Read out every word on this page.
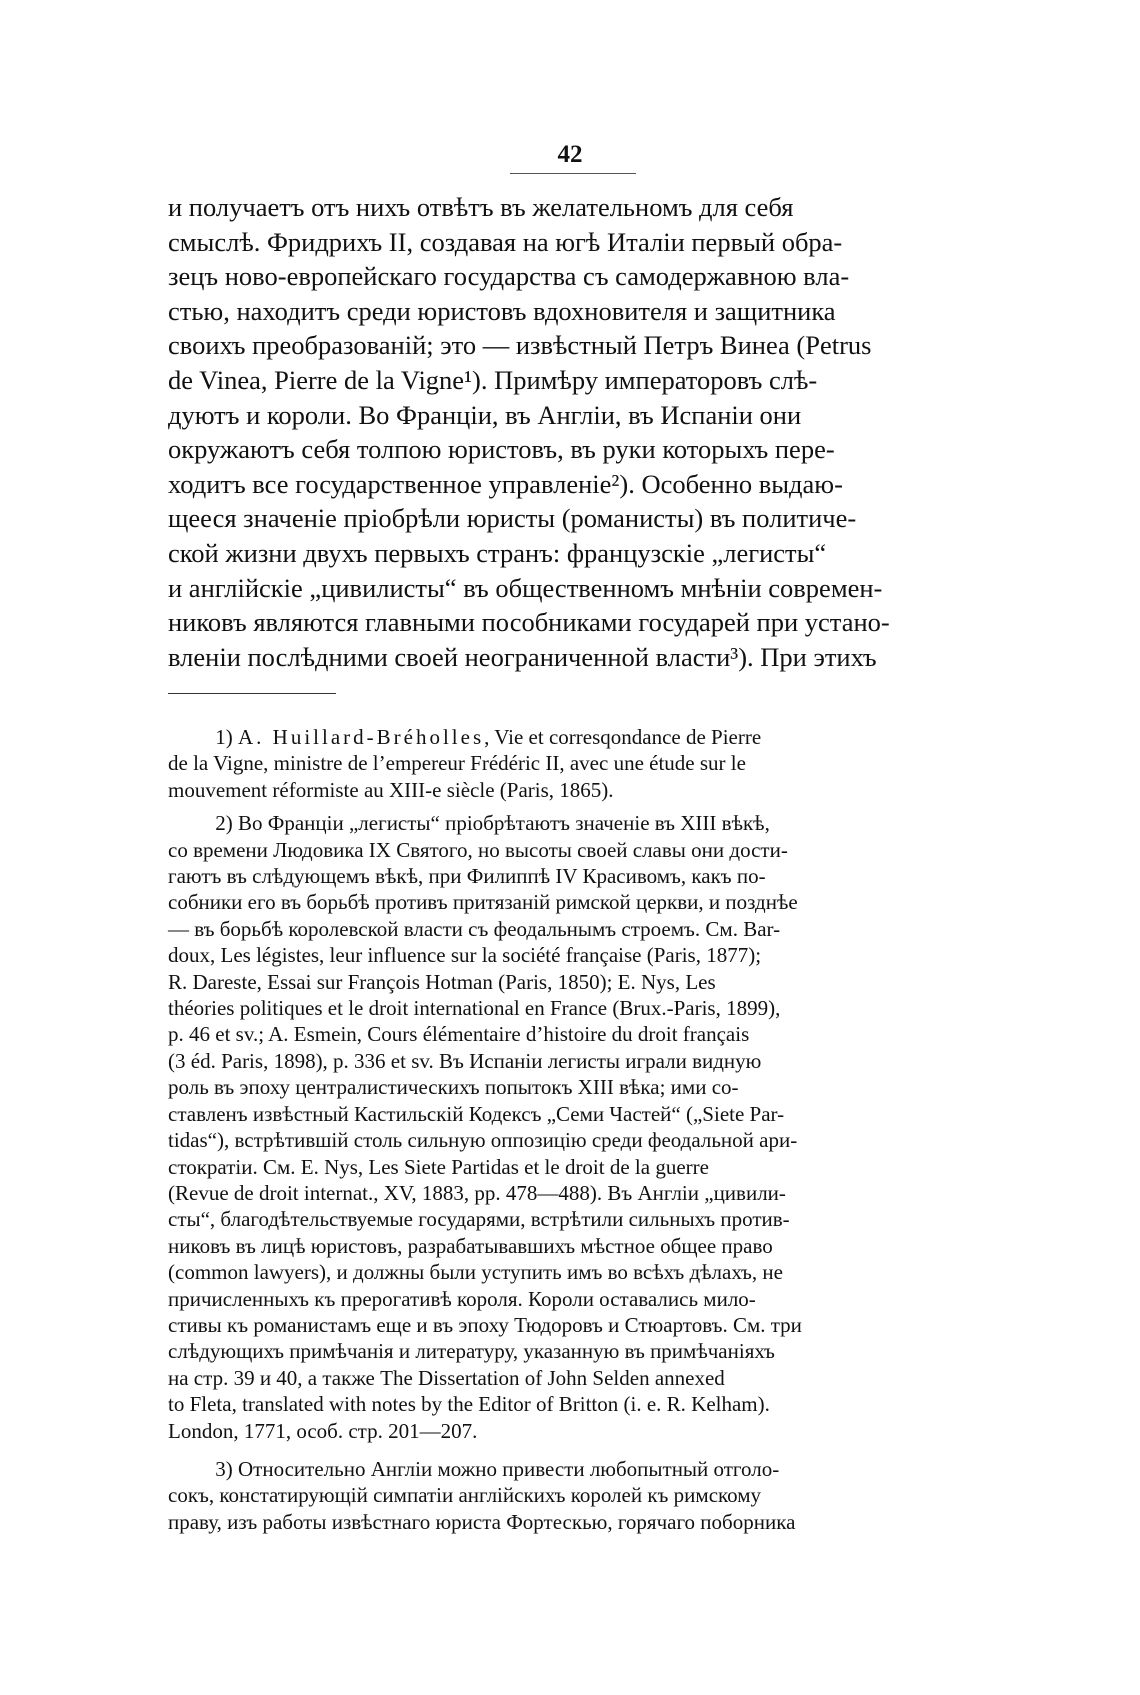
42
и получаетъ отъ нихъ отвѣтъ въ желательномъ для себя
смыслѣ. Фридрихъ II, создавая на югѣ Италіи первый обра-
зецъ ново-европейскаго государства съ самодержавною вла-
стью, находитъ среди юристовъ вдохновителя и защитника
своихъ преобразованій; это — извѣстный Петръ Винеа (Petrus
de Vinea, Pierre de la Vigne¹). Примѣру императоровъ слѣ-
дуютъ и короли. Во Франціи, въ Англіи, въ Испаніи они
окружаютъ себя толпою юристовъ, въ руки которыхъ пере-
ходитъ все государственное управленіе²). Особенно выдаю-
щееся значеніе пріобрѣли юристы (романисты) въ политиче-
ской жизни двухъ первыхъ странъ: французскіе „легисты“
и англійскіе „цивилисты“ въ общественномъ мнѣніи современ-
никовъ являются главными пособниками государей при устано-
вленіи послѣдними своей неограниченной власти³). При этихъ
1) A. Huillard-Bréholles, Vie et corresqondance de Pierre
de la Vigne, ministre de l’empereur Frédéric II, avec une étude sur le
mouvement réformiste au XIII-e siècle (Paris, 1865).
2) Во Франціи „легисты“ пріобрѣтаютъ значеніе въ XIII вѣкѣ,
со времени Людовика IX Святого, но высоты своей славы они дости-
гаютъ въ слѣдующемъ вѣкѣ, при Филиппѣ IV Красивомъ, какъ по-
собники его въ борьбѣ противъ притязаній римской церкви, и позднѣе
— въ борьбѣ королевской власти съ феодальнымъ строемъ. См. Bar-
doux, Les légistes, leur influence sur la société française (Paris, 1877);
R. Dareste, Essai sur François Hotman (Paris, 1850); E. Nys, Les
théories politiques et le droit international en France (Brux.-Paris, 1899),
p. 46 et sv.; A. Esmein, Cours élémentaire d’histoire du droit français
(3 éd. Paris, 1898), p. 336 et sv. Въ Испаніи легисты играли видную
роль въ эпоху централистическихъ попытокъ XIII вѣка; ими со-
ставленъ извѣстный Кастильскій Кодексъ „Семи Частей“ („Siete Par-
tidas“), встрѣтившій столь сильную оппозицію среди феодальной ари-
стократіи. См. E. Nys, Les Siete Partidas et le droit de la guerre
(Revue de droit internat., XV, 1883, pp. 478—488). Въ Англіи „цивили-
сты“, благодѣтельствуемые государями, встрѣтили сильныхъ против-
никовъ въ лицѣ юристовъ, разрабатывавшихъ мѣстное общее право
(common lawyers), и должны были уступить имъ во всѣхъ дѣлахъ, не
причисленныхъ къ прерогативѣ короля. Короли оставались мило-
стивы къ романистамъ еще и въ эпоху Тюдоровъ и Стюартовъ. См. три
слѣдующихъ примѣчанія и литературу, указанную въ примѣчаніяхъ
на стр. 39 и 40, а также The Dissertation of John Selden annexed
to Fleta, translated with notes by the Editor of Britton (i. e. R. Kelham).
London, 1771, особ. стр. 201—207.
3) Относительно Англіи можно привести любопытный отголо-
сокъ, констатирующій симпатіи англійскихъ королей къ римскому
праву, изъ работы извѣстнаго юриста Фортескью, горячаго поборника
